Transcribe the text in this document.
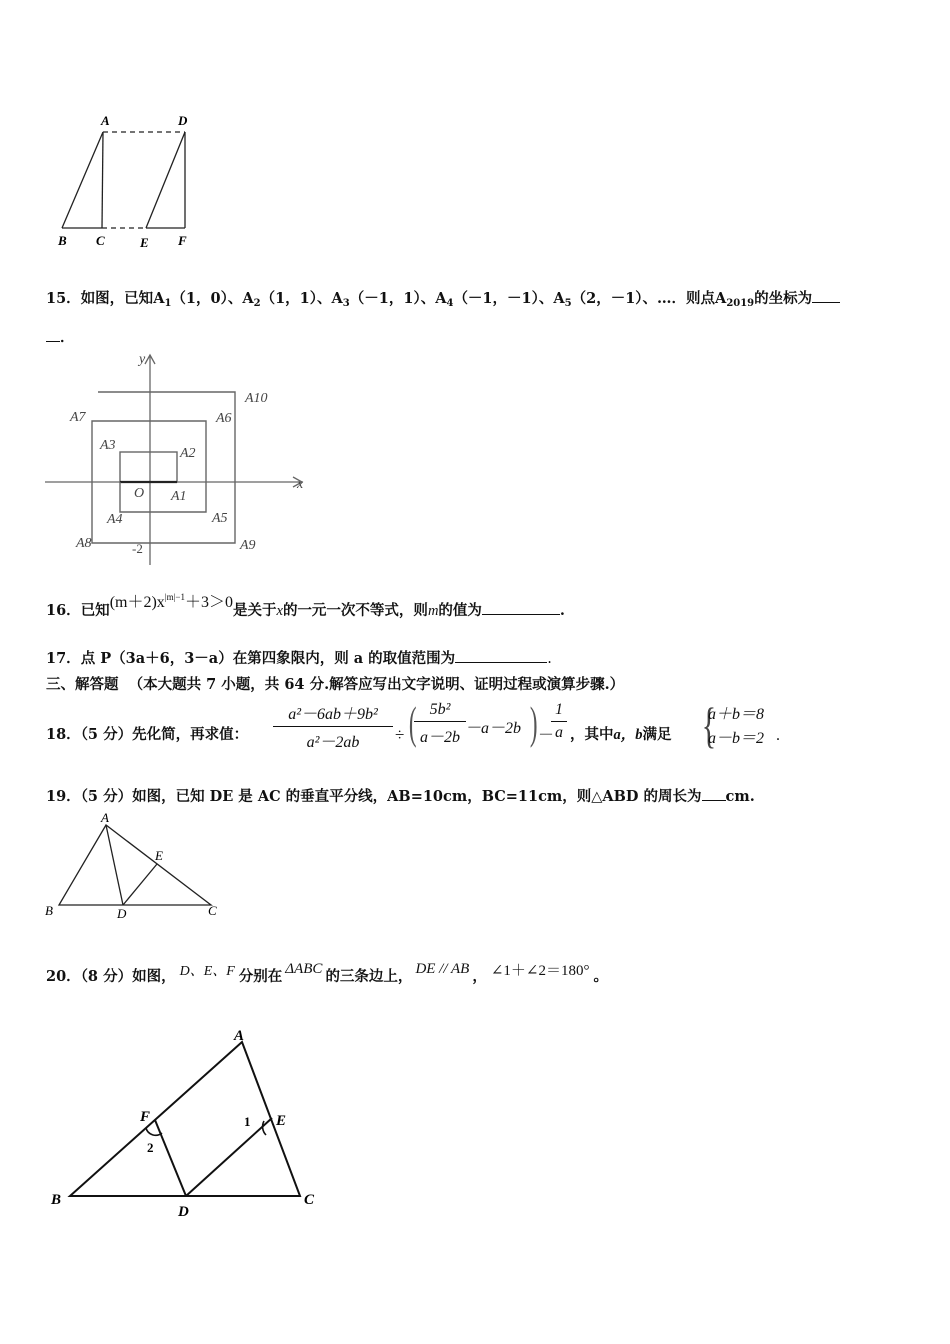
A	D
B C	E F
15．如图，已知$A_1(1$，0）、$A_2(1$，1）、$A_3(-1$，1）、$A_4(-1$，－1）、$A_5(2$，－1）、…．则点$A_{2019}$的坐标为
．
y
x
O
-2
A1
A2
A3
A4	A5
A6
A7
A8	A9
A10
16．已知$(m+2)x^{|m|-1}+3>0$是关于x的一元一次不等式，则m的值为	.
17．点 P（3a＋6，3－a）在第四象限内，则 a 的取值范围为	.
三、解答题 （本大题共 7 小题，共 64 分.解答应写出文字说明、证明过程或演算步骤.）
18．（5 分）先化简，再求值：
a²－6ab＋9b²
a²－2ab	÷ ( 5b²
a－2b
－a－2b ) －
1
a ，其中a，b满足 {
a＋b＝8
a－b＝2 .
19．（5 分）如图，已知 DE 是 AC 的垂直平分线，AB=10cm，BC=11cm，则△ABD 的周长为 cm.
A
E
B	D	C
20．（8 分）如图， D、E、F 分别在 ΔABC 的三条边上， DE // AB ， ∠1＋∠2＝180° 。
A
F	E
1
2
B
D
C
